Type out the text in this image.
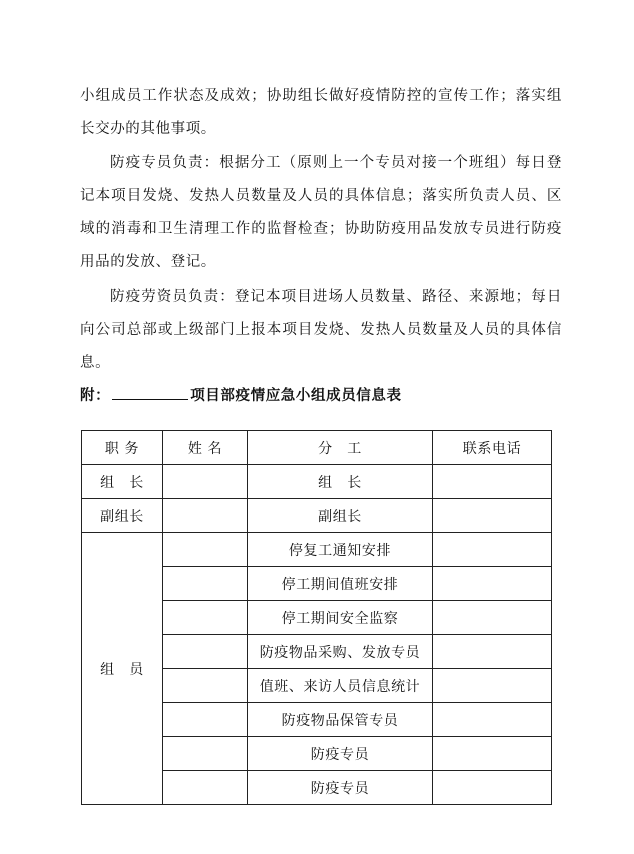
小组成员工作状态及成效；协助组长做好疫情防控的宣传工作；落实组长交办的其他事项。

防疫专员负责：根据分工（原则上一个专员对接一个班组）每日登记本项目发烧、发热人员数量及人员的具体信息；落实所负责人员、区域的消毒和卫生清理工作的监督检查；协助防疫用品发放专员进行防疫用品的发放、登记。

防疫劳资员负责：登记本项目进场人员数量、路径、来源地；每日向公司总部或上级部门上报本项目发烧、发热人员数量及人员的具体信息。

附：	项目部疫情应急小组成员信息表
职 务	姓 名	分　工	联系电话
组　长		组　长	
副组长		副组长	
组　员		停复工通知安排	
		停工期间值班安排	
		停工期间安全监察	
		防疫物品采购、发放专员	
		值班、来访人员信息统计	
		防疫物品保管专员	
		防疫专员	
		防疫专员	
